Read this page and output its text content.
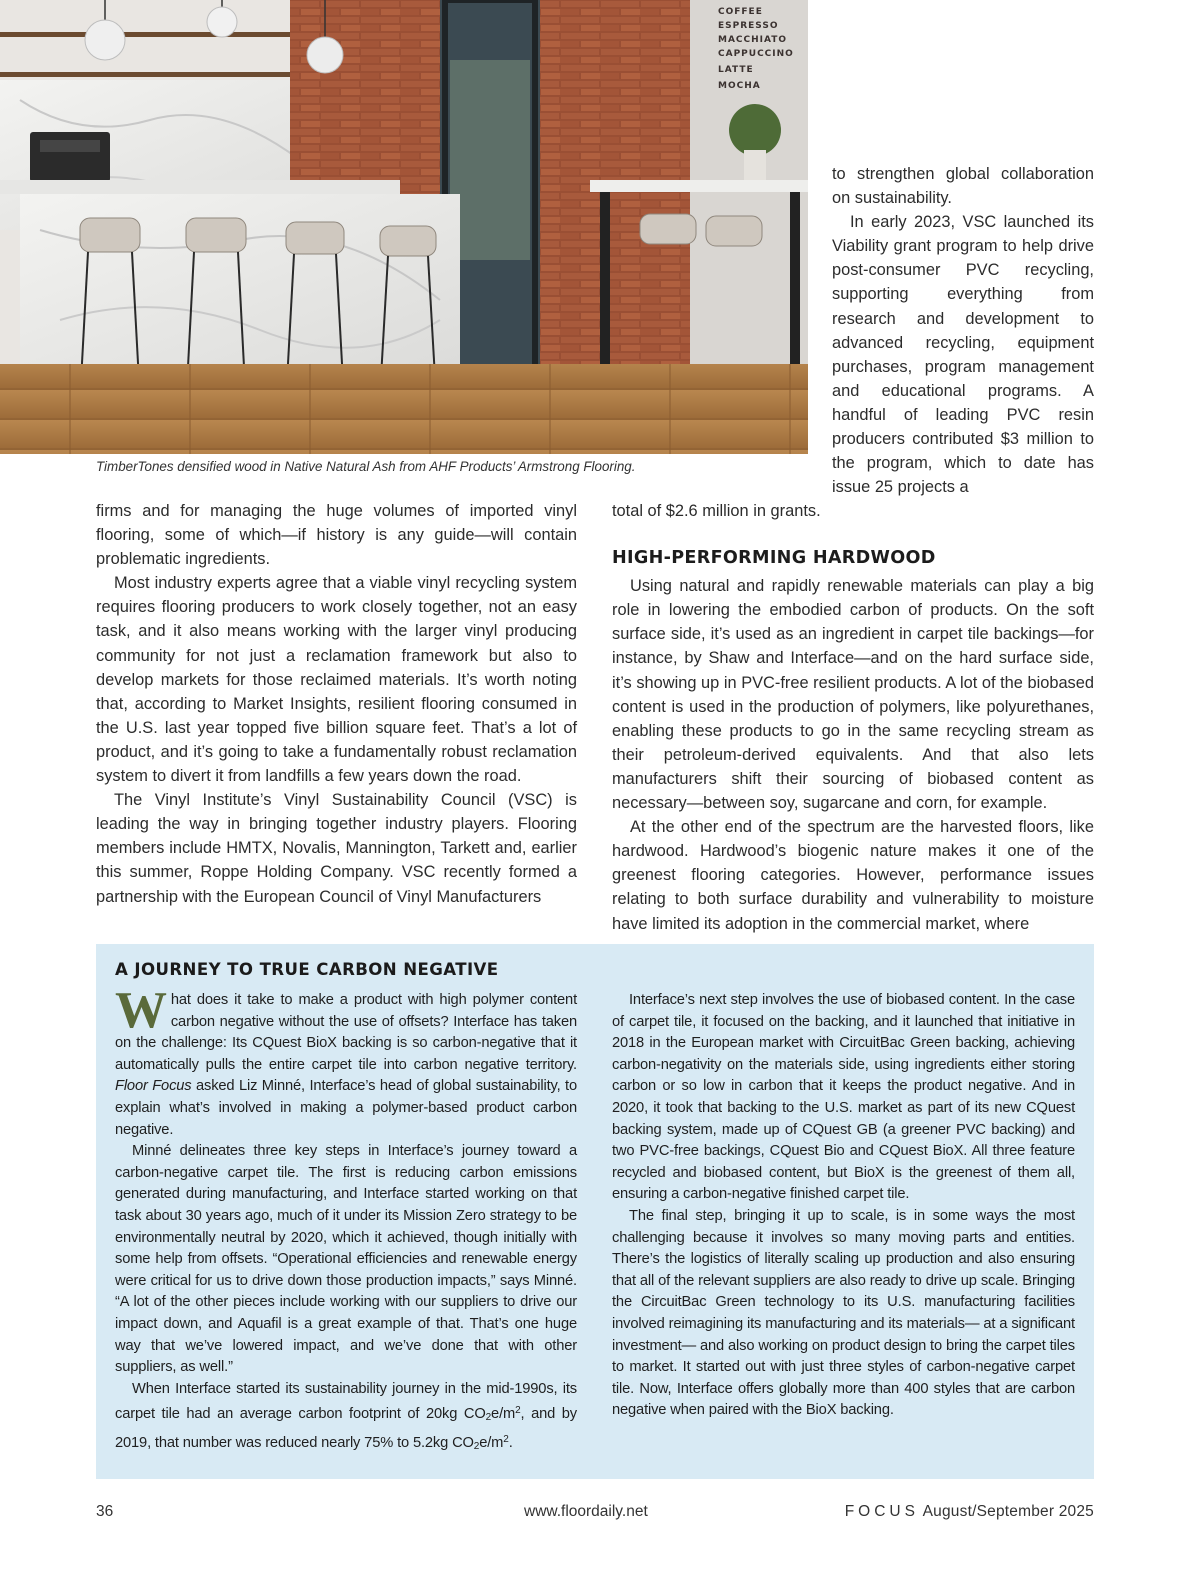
COFFEE
ESPRESSO
MACCHIATO
CAPPUCCINO
LATTE
MOCHA
TimberTones densified wood in Native Natural Ash from AHF Products’ Armstrong Flooring.

to strengthen global collaboration on sustainability.

In early 2023, VSC launched its Viability grant program to help drive post-consumer PVC recycling, supporting everything from research and development to advanced recycling, equipment purchases, program management and educational programs. A handful of leading PVC resin producers contributed $3 million to the program, which to date has issue 25 projects a

firms and for managing the huge volumes of imported vinyl flooring, some of which—if history is any guide—will contain problematic ingredients.

Most industry experts agree that a viable vinyl recycling system requires flooring producers to work closely together, not an easy task, and it also means working with the larger vinyl producing community for not just a reclamation framework but also to develop markets for those reclaimed materials. It’s worth noting that, according to Market Insights, resilient flooring consumed in the U.S. last year topped five billion square feet. That’s a lot of product, and it’s going to take a fundamentally robust reclamation system to divert it from landfills a few years down the road.

The Vinyl Institute’s Vinyl Sustainability Council (VSC) is leading the way in bringing together industry players. Flooring members include HMTX, Novalis, Mannington, Tarkett and, earlier this summer, Roppe Holding Company. VSC recently formed a partnership with the European Council of Vinyl Manufacturers

total of $2.6 million in grants.

HIGH-PERFORMING HARDWOOD

Using natural and rapidly renewable materials can play a big role in lowering the embodied carbon of products. On the soft surface side, it’s used as an ingredient in carpet tile backings—for instance, by Shaw and Interface—and on the hard surface side, it’s showing up in PVC-free resilient products. A lot of the biobased content is used in the production of polymers, like polyurethanes, enabling these products to go in the same recycling stream as their petroleum-derived equivalents. And that also lets manufacturers shift their sourcing of biobased content as necessary—between soy, sugarcane and corn, for example.

At the other end of the spectrum are the harvested floors, like hardwood. Hardwood’s biogenic nature makes it one of the greenest flooring categories. However, performance issues relating to both surface durability and vulnerability to moisture have limited its adoption in the commercial market, where

A JOURNEY TO TRUE CARBON NEGATIVE

What does it take to make a product with high polymer content carbon negative without the use of offsets? Interface has taken on the challenge: Its CQuest BioX backing is so carbon-negative that it automatically pulls the entire carpet tile into carbon negative territory. Floor Focus asked Liz Minné, Interface’s head of global sustainability, to explain what’s involved in making a polymer-based product carbon negative.

Minné delineates three key steps in Interface’s journey toward a carbon-negative carpet tile. The first is reducing carbon emissions generated during manufacturing, and Interface started working on that task about 30 years ago, much of it under its Mission Zero strategy to be environmentally neutral by 2020, which it achieved, though initially with some help from offsets. “Operational efficiencies and renewable energy were critical for us to drive down those production impacts,” says Minné. “A lot of the other pieces include working with our suppliers to drive our impact down, and Aquafil is a great example of that. That’s one huge way that we’ve lowered impact, and we’ve done that with other suppliers, as well.”

When Interface started its sustainability journey in the mid-1990s, its carpet tile had an average carbon footprint of 20kg $CO_2e/m^2$, and by 2019, that number was reduced nearly 75% to 5.2kg $CO_2e/m^2$.

Interface’s next step involves the use of biobased content. In the case of carpet tile, it focused on the backing, and it launched that initiative in 2018 in the European market with CircuitBac Green backing, achieving carbon-negativity on the materials side, using ingredients either storing carbon or so low in carbon that it keeps the product negative. And in 2020, it took that backing to the U.S. market as part of its new CQuest backing system, made up of CQuest GB (a greener PVC backing) and two PVC-free backings, CQuest Bio and CQuest BioX. All three feature recycled and biobased content, but BioX is the greenest of them all, ensuring a carbon-negative finished carpet tile.

The final step, bringing it up to scale, is in some ways the most challenging because it involves so many moving parts and entities. There’s the logistics of literally scaling up production and also ensuring that all of the relevant suppliers are also ready to drive up scale. Bringing the CircuitBac Green technology to its U.S. manufacturing facilities involved reimagining its manufacturing and its materials— at a significant investment— and also working on product design to bring the carpet tiles to market. It started out with just three styles of carbon-negative carpet tile. Now, Interface offers globally more than 400 styles that are carbon negative when paired with the BioX backing.

36	www.floordaily.net	FOCUS August/September 2025
